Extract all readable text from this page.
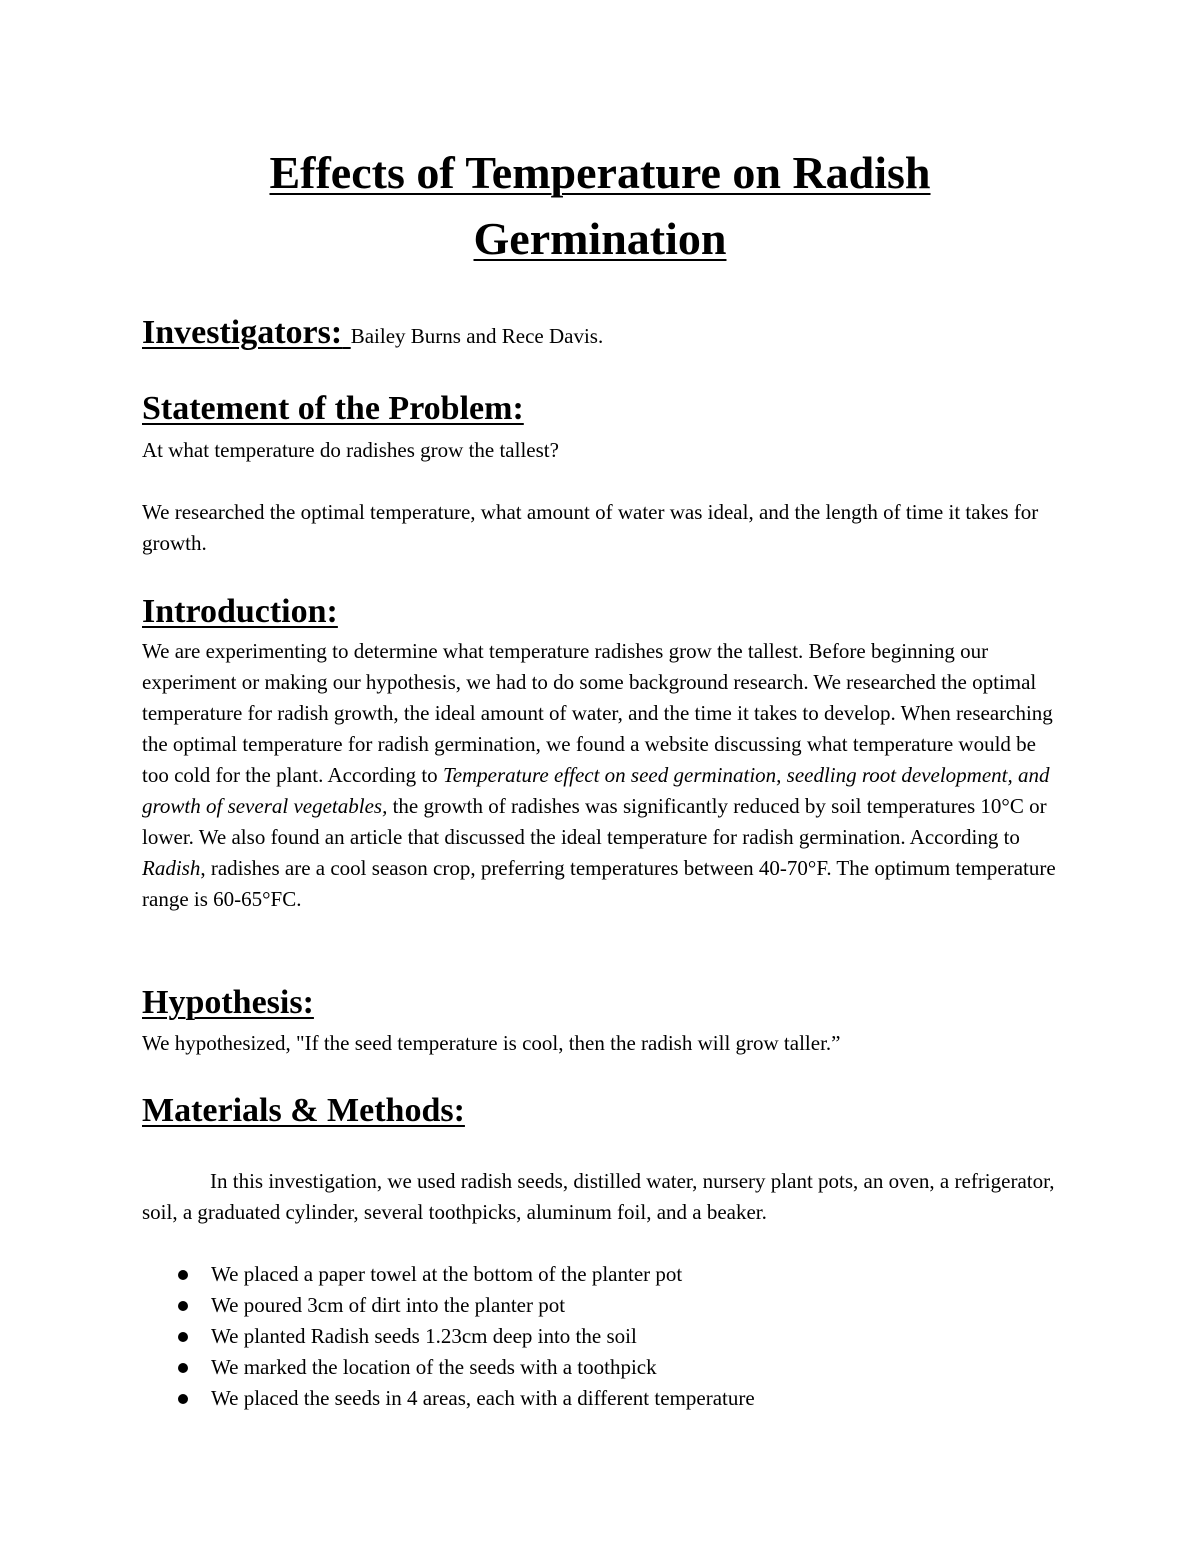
Effects of Temperature on Radish Germination

Investigators: Bailey Burns and Rece Davis.

Statement of the Problem:

At what temperature do radishes grow the tallest?

We researched the optimal temperature, what amount of water was ideal, and the length of time it takes for growth.

Introduction:

We are experimenting to determine what temperature radishes grow the tallest. Before beginning our experiment or making our hypothesis, we had to do some background research. We researched the optimal temperature for radish growth, the ideal amount of water, and the time it takes to develop. When researching the optimal temperature for radish germination, we found a website discussing what temperature would be too cold for the plant. According to Temperature effect on seed germination, seedling root development, and growth of several vegetables, the growth of radishes was significantly reduced by soil temperatures 10°C or lower. We also found an article that discussed the ideal temperature for radish germination. According to Radish, radishes are a cool season crop, preferring temperatures between 40-70°F. The optimum temperature range is 60-65°FC.

Hypothesis:

We hypothesized, "If the seed temperature is cool, then the radish will grow taller.”

Materials & Methods:

In this investigation, we used radish seeds, distilled water, nursery plant pots, an oven, a refrigerator, soil, a graduated cylinder, several toothpicks, aluminum foil, and a beaker.

We placed a paper towel at the bottom of the planter pot
We poured 3cm of dirt into the planter pot
We planted Radish seeds 1.23cm deep into the soil
We marked the location of the seeds with a toothpick
We placed the seeds in 4 areas, each with a different temperature
